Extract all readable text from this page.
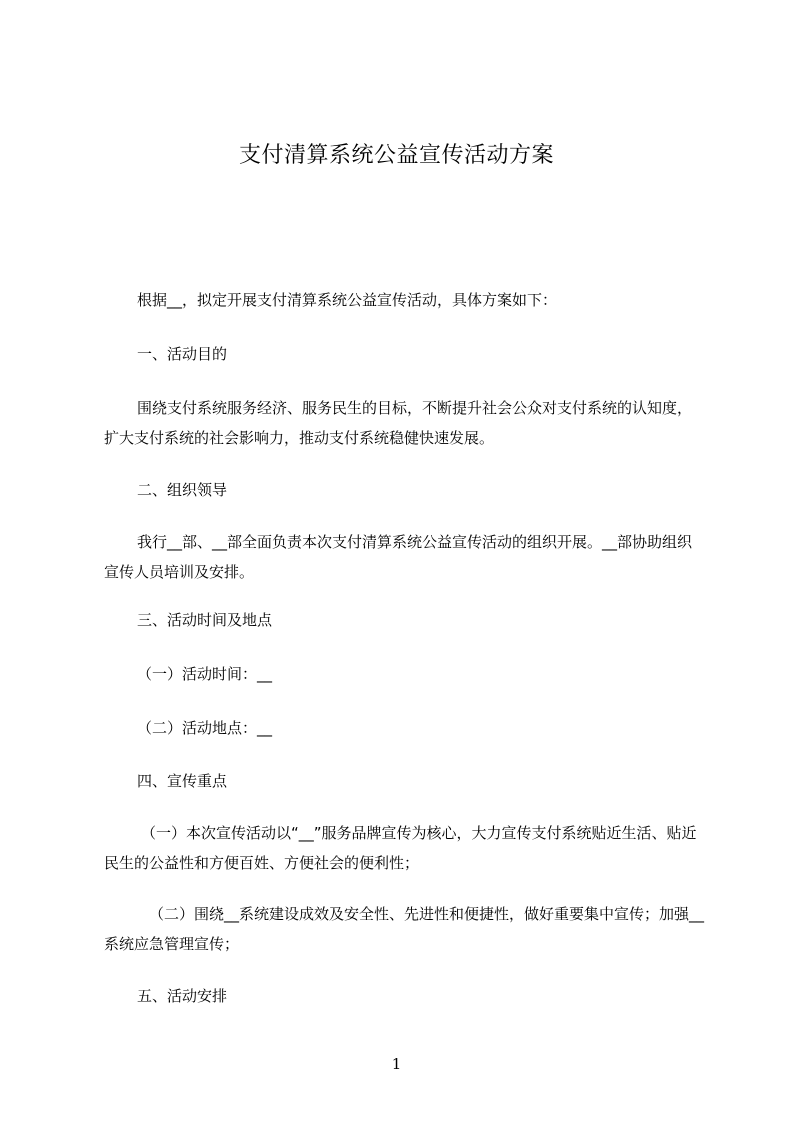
支付清算系统公益宣传活动方案
根据__，拟定开展支付清算系统公益宣传活动，具体方案如下：
一、活动目的
围绕支付系统服务经济、服务民生的目标，不断提升社会公众对支付系统的认知度，扩大支付系统的社会影响力，推动支付系统稳健快速发展。
二、组织领导
我行__部、__部全面负责本次支付清算系统公益宣传活动的组织开展。__部协助组织宣传人员培训及安排。
三、活动时间及地点
（一）活动时间：__
（二）活动地点：__
四、宣传重点
（一）本次宣传活动以“__”服务品牌宣传为核心，大力宣传支付系统贴近生活、贴近民生的公益性和方便百姓、方便社会的便利性；
（二）围绕__系统建设成效及安全性、先进性和便捷性，做好重要集中宣传；加强__系统应急管理宣传；
五、活动安排
1
